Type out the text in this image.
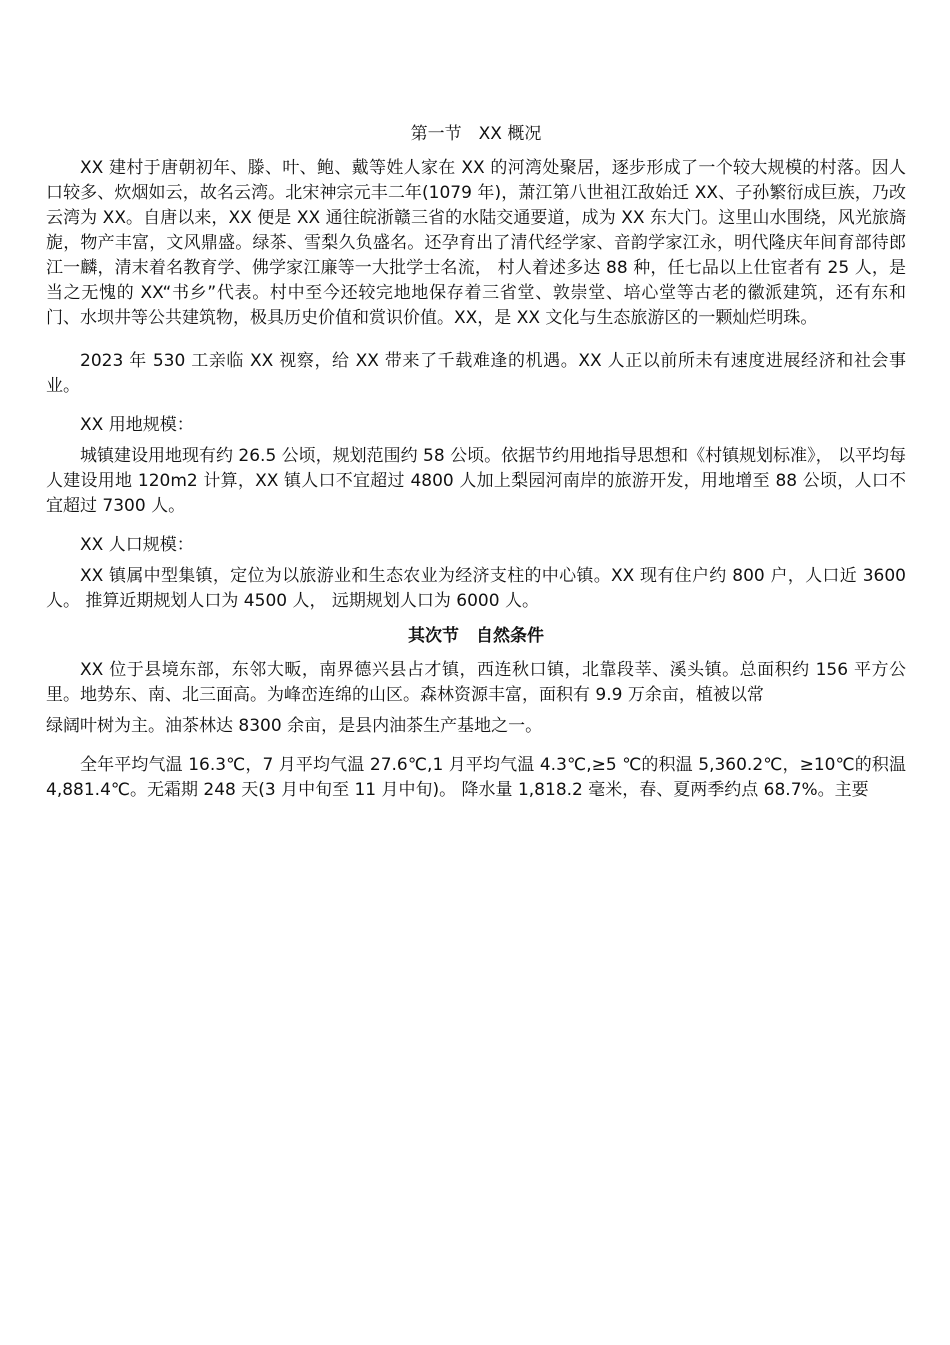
第一节　XX 概况

XX 建村于唐朝初年、滕、叶、鲍、戴等姓人家在 XX 的河湾处聚居，逐步形成了一个较大规模的村落。因人口较多、炊烟如云，故名云湾。北宋神宗元丰二年(1079 年)，萧江第八世祖江敌始迁 XX、子孙繁衍成巨族，乃改云湾为 XX。自唐以来，XX 便是 XX 通往皖浙赣三省的水陆交通要道，成为 XX 东大门。这里山水围绕，风光旅旖旎，物产丰富，文风鼎盛。绿茶、雪梨久负盛名。还孕育出了清代经学家、音韵学家江永，明代隆庆年间育部待郎江一麟，清末着名教育学、佛学家江廉等一大批学士名流， 村人着述多达 88 种，任七品以上仕宦者有 25 人，是当之无愧的 XX“书乡”代表。村中至今还较完地地保存着三省堂、敦崇堂、培心堂等古老的徽派建筑，还有东和门、水坝井等公共建筑物，极具历史价值和赏识价值。XX，是 XX 文化与生态旅游区的一颗灿烂明珠。

2023 年 530 工亲临 XX 视察，给 XX 带来了千载难逢的机遇。XX 人正以前所未有速度进展经济和社会事业。

XX 用地规模：

城镇建设用地现有约 26.5 公顷，规划范围约 58 公顷。依据节约用地指导思想和《村镇规划标准》， 以平均每人建设用地 120m2 计算，XX 镇人口不宜超过 4800 人加上梨园河南岸的旅游开发，用地增至 88 公顷，人口不宜超过 7300 人。

XX 人口规模：

XX 镇属中型集镇，定位为以旅游业和生态农业为经济支柱的中心镇。XX 现有住户约 800 户，人口近 3600 人。 推算近期规划人口为 4500 人， 远期规划人口为 6000 人。

其次节　自然条件

XX 位于县境东部，东邻大畈，南界德兴县占才镇，西连秋口镇，北靠段莘、溪头镇。总面积约 156 平方公里。地势东、南、北三面高。为峰峦连绵的山区。森林资源丰富，面积有 9.9 万余亩，植被以常

绿阔叶树为主。油茶林达 8300 余亩，是县内油茶生产基地之一。

全年平均气温 16.3℃，7 月平均气温 27.6℃,1 月平均气温 4.3℃,≥5 ℃的积温 5,360.2℃，≥10℃的积温 4,881.4℃。无霜期 248 天(3 月中旬至 11 月中旬)。 降水量 1,818.2 毫米，春、夏两季约点 68.7%。主要
